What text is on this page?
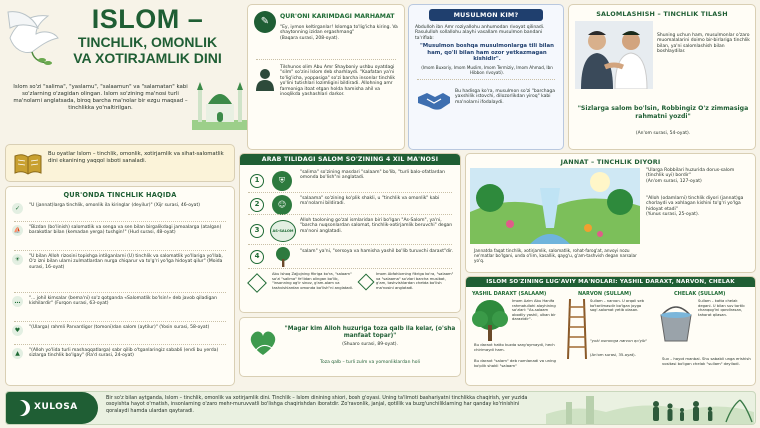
ISLOM –
TINCHLIK, OMONLIK
VA XOTIRJAMLIK DINI
Islom so'zi "salima", "yaslamu", "salaamun" va "salamatan" kabi so'zlarning o'zagidan olingan. Islom so'zining ma'nosi turli ma'nolarni anglatsada, biroq barcha ma'nolar bir ezgu maqsad – tinchlikka yo'naltirilgan.
Bu oyatlar Islom – tinchlik, omonlik, xotirjamlik va sihat-salomatlik dini ekanining yaqqol isboti sanaladi.
QUR'ONDA TINCHLIK HAQIDA
✓	"U (jannat)larga tinchlik, omonlik ila kiringlar (deyilur)" (Xijr surasi, 46-oyat)
⛵	"Bizdan (bo'linish) salomatlik va senga va sen bilan birgalikdagi jamoalarga (atalgan) barakotlar bilan (kemadan yerga) tushgin!" (Hud surasi, 48-oyat)
☀	"U bilan Alloh rizosini topishga intilganlarni (U) tinchlik va salomatlik yo'llariga yo'llab, O'z izni bilan ularni zulmatlardan nurga chiqarur va to'g'ri yo'lga hidoyat qilur" (Moida surasi, 16-oyat)
…	"... johil kimsalar (bema'ni) so'z qotganda «Salomatlik bo'lsin!» deb javob qiladigan kishilardir" (Furqon surasi, 63-oyat)
♥	"(Ularga) rahmli Parvardigor (tomoni)dan salom (aytilur)" (Yosin surasi, 58-oyat)
▲	"(Alloh yo'lida turli mashaqqatlarga) sabr qilib o'tganlaringiz sababli (endi bu yerda) sizlarga tinchlik bo'lgay" (Ra'd surasi, 24-oyat)
✎	QUR'ONI KARIMDAGI MARHAMAT
"Ey, iymon keltirganlar! Islomga to'lig'icha kiring. Va shaytonning izidan ergashmang"
(Baqara surasi, 208-oyat).
Tilshunos olim Abu Amr Shayboniy ushbu oyatdagi "silm" so'zini Islom deb sharhlaydi. "Kaafatan ya'ni to'lig'icha, yoppasiga" so'zi barcha insonlar tinchlik yo'lini tutishlari lozimligini bildiradi. Allohning amr farmoniga itoat etgan holda hamisha ahil va inoqlikda yashashlari darkor.
MUSULMON KIM?
Abdulloh ibn Amr roziyallohu anhumodan rivoyat qilinadi. Rasululloh sollallohu alayhi vasallam musulmon bandani ta'riflab:
"Musulmon boshqa musulmonlarga tili bilan ham, qo'li bilan ham ozor yetkazmagan kishidir".
(Imom Buxoriy, Imom Muslim, Imom Termiziy, Imom Ahmad, Ibn Hibbon rivoyati).
Bu hadisga ko'ra, musulmon so'zi "barchaga yaxshilik istovchi, dilozorlikdan yiroq" kabi ma'nolarni ifodalaydi.
SALOMLASHISH – TINCHLIK TILASH
Shuning uchun ham, musulmonlar o'zaro muomalalarini doimo bir-birlariga tinchlik bilan, ya'ni salomlashish bilan boshlaydilar.
"Sizlarga salom bo'lsin, Robbingiz O'z zimmasiga rahmatni yozdi"
(An'om surasi, 54-oyat).
ARAB TILIDAGI SALOM SO'ZINING 4 XIL MA'NOSI
1	⛨
"salima" so'zining masdari "salaam" bo'lib, "turli balo-ofatlardan omonda bo'lish"ni anglatadi.
2	☺
"salaama" so'zining ko'plik shakli, u "tinchlik va omonlik" kabi ma'nolarni bildiradi.
3	AS-SALOM
Alloh taoloning go'zal ismlaridan biri bo'lgan "As-Salom", ya'ni, "barcha nuqsonlardan salomat, tinchlik-xotirjamlik beruvchi" degan ma'noni anglatadi.
4
"salam" ya'ni, "sersoya va hamisha yashil bo'lib turuvchi daraxt"dir.
Abu Ishoq Zajjojning fikriga ko'ra, "salaam" so'zi "salima" fe'lidan olingan bo'lib, "insonning og'ir sinov, g'am-alam va tashvishlardan omonda bo'lish"ni anglatadi.
Imom Abfahlorning fikriga ko'ra, "salaam" va "salaama" so'zlari barcha musibat, g'am, tashvishlardan chetda bo'lish ma'nosini anglatadi.
"Magar kim Alloh huzuriga toza qalb ila kelar, (o'sha manfaat topar)"
(Shuaro surasi, 89-oyat).
Toza qalb – turli zulm va yomonliklardan holi
JANNAT – TINCHLIK DIYORI
"Ularga Robbilari huzurida dorus-salom (tinchlik uyi) bordir"
(An'om surasi, 127-oyat)
"Alloh (odamlarni) tinchlik diyori (jannat)ga chorlaydi va xohlagan kishini to'g'ri yo'lga hidoyat etadi"
(Yunus surasi, 25-oyat).
Jannatda faqat tinchlik, xotirjamlik, salomatlik, rohat-farog'at, anvoyi nozu ne'matlar bo'lgani, unda o'lim, kasallik, qayg'u, g'am-tashvish degan narsalar yo'q.
ISLOM SO'ZINING LUG'AVIY MA'NOLARI: YASHIL DARAXT, NARVON, CHELAK
YASHIL DARAXT (SALAAM)
Imom Azim Abu Hanifa rahmatullohi alayhining so'zlari: "As-salaam obodliy yashil, ulkan bir daraxtdir".
Bu daraxt hatto kuzda sarg'aymaydi, hech chirimaydi ham.
Bu daraxt "salam" deb nomlanadi va uning ko'plik shakli "salaam"
NARVON (SULLAM)
Sullam – narvon. U orqali seb ko'tarilmasdir bo'lgan joyga sog'-salomat yetib olasan.
"yoki osmonga narvon qo'yib"
(An'om surasi, 35-oyat).
CHELAK (SULLAM)
Sullam – katta chelak degani. U bilan suv tortib chanqog'ini qondirasan, tahorat qilasan.
Suv – hayot manbai. Shu sababli unga erishish vositasi bo'lgan chelak "sullam" deyiladi.
XULOSA
Bir so'z bilan aytganda, Islom – tinchlik, omonlik va xotirjamlik dini. Tinchlik – Islom dinining shiori, bosh g'oyasi. Uning ta'limoti bashariyatni tinchlikka chaqirish, yer yuzida osoyishta hayot o'rnatish, insonlarning o'zaro mehr-muruvvatli bo'lishga chaqirishdan iboratdir. Zo'ravonlik, janjal, qotillik va buzg'unchiliklarning har qanday ko'rinishini qoralaydi hamda ulardan qaytaradi.
